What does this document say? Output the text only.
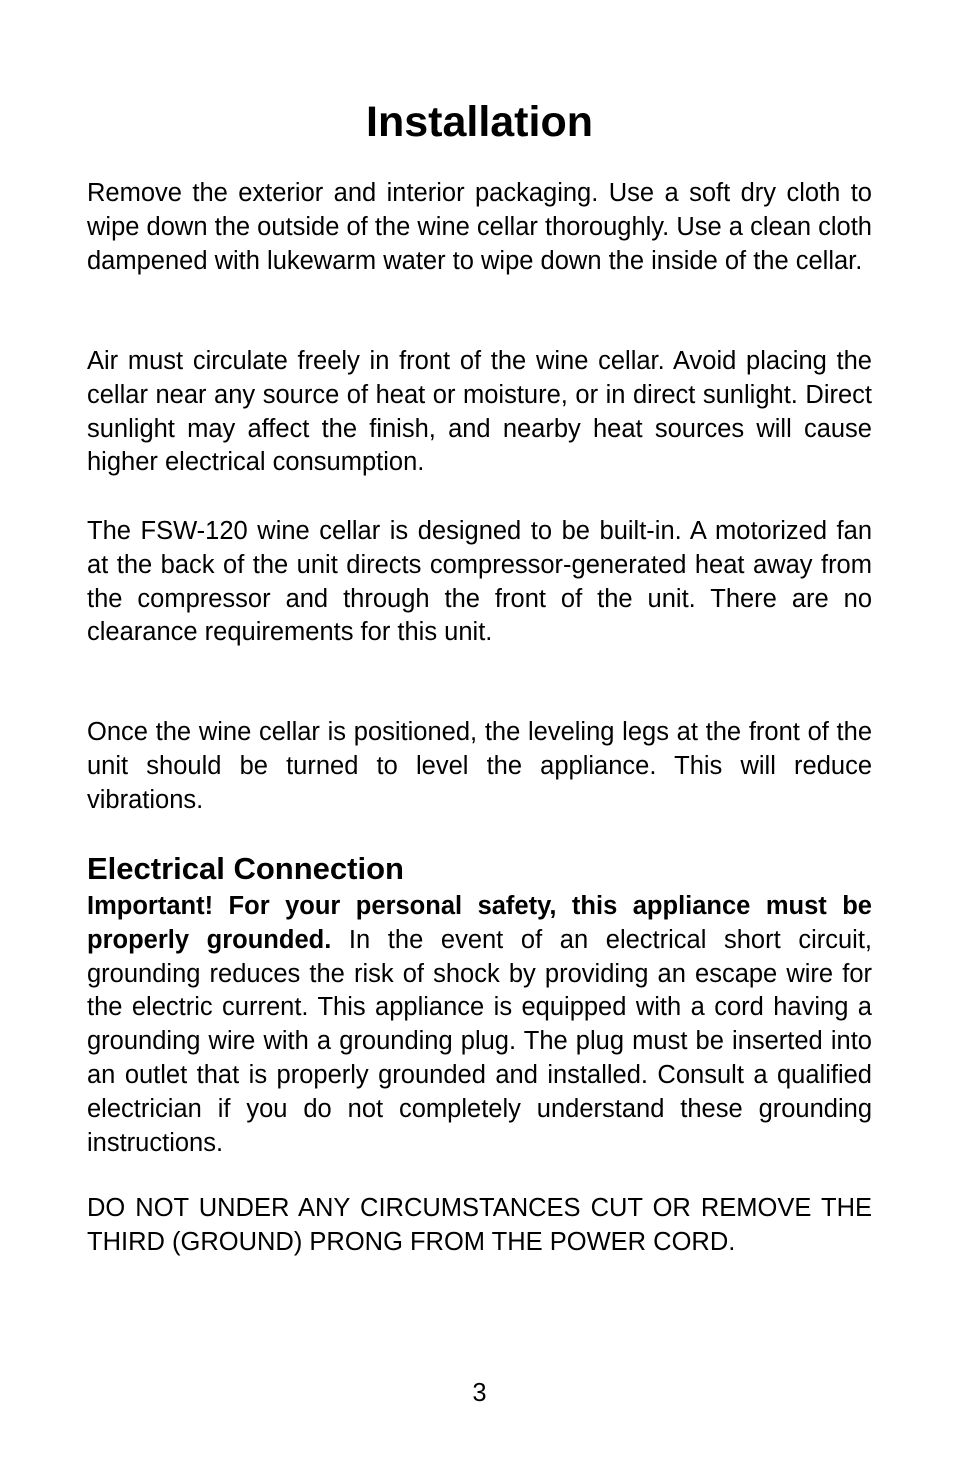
Installation

Remove the exterior and interior packaging. Use a soft dry cloth to wipe down the outside of the wine cellar thoroughly. Use a clean cloth dampened with lukewarm water to wipe down the inside of the cellar.

Air must circulate freely in front of the wine cellar. Avoid placing the cellar near any source of heat or moisture, or in direct sunlight. Direct sunlight may affect the finish, and nearby heat sources will cause higher electrical consumption.

The FSW-120 wine cellar is designed to be built-in. A motorized fan at the back of the unit directs compressor-generated heat away from the compressor and through the front of the unit. There are no clearance requirements for this unit.

Once the wine cellar is positioned, the leveling legs at the front of the unit should be turned to level the appliance. This will reduce vibrations.

Electrical Connection

Important! For your personal safety, this appliance must be properly grounded. In the event of an electrical short circuit, grounding reduces the risk of shock by providing an escape wire for the electric current. This appliance is equipped with a cord having a grounding wire with a grounding plug. The plug must be inserted into an outlet that is properly grounded and installed. Consult a qualified electrician if you do not completely understand these grounding instructions.

DO NOT UNDER ANY CIRCUMSTANCES CUT OR REMOVE THE THIRD (GROUND) PRONG FROM THE POWER CORD.

3
